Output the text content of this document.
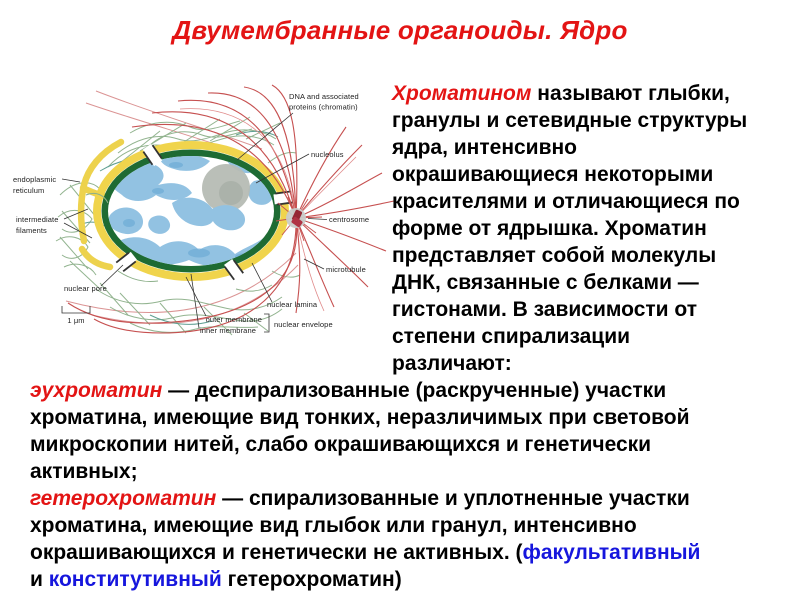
Двумембранные органоиды. Ядро
DNA and associated
proteins (chromatin)
nucleolus
centrosome
microtubule
endoplasmic
reticulum
intermediate
filaments
nuclear pore
1 μm	outer membrane
inner membrane
nuclear envelope
nuclear lamina
Хроматином называют глыбки,
гранулы и сетевидные структуры
ядра, интенсивно
окрашивающиеся некоторыми
красителями и отличающиеся по
форме от ядрышка. Хроматин
представляет собой молекулы
ДНК, связанные с белками —
гистонами. В зависимости от
степени спирализации
различают:
эухроматин — деспирализованные (раскрученные) участки
хроматина, имеющие вид тонких, неразличимых при световой
микроскопии нитей, слабо окрашивающихся и генетически
активных;
гетерохроматин — спирализованные и уплотненные участки
хроматина, имеющие вид глыбок или гранул, интенсивно
окрашивающихся и генетически не активных. (факультативный
и конститутивный гетерохроматин)
